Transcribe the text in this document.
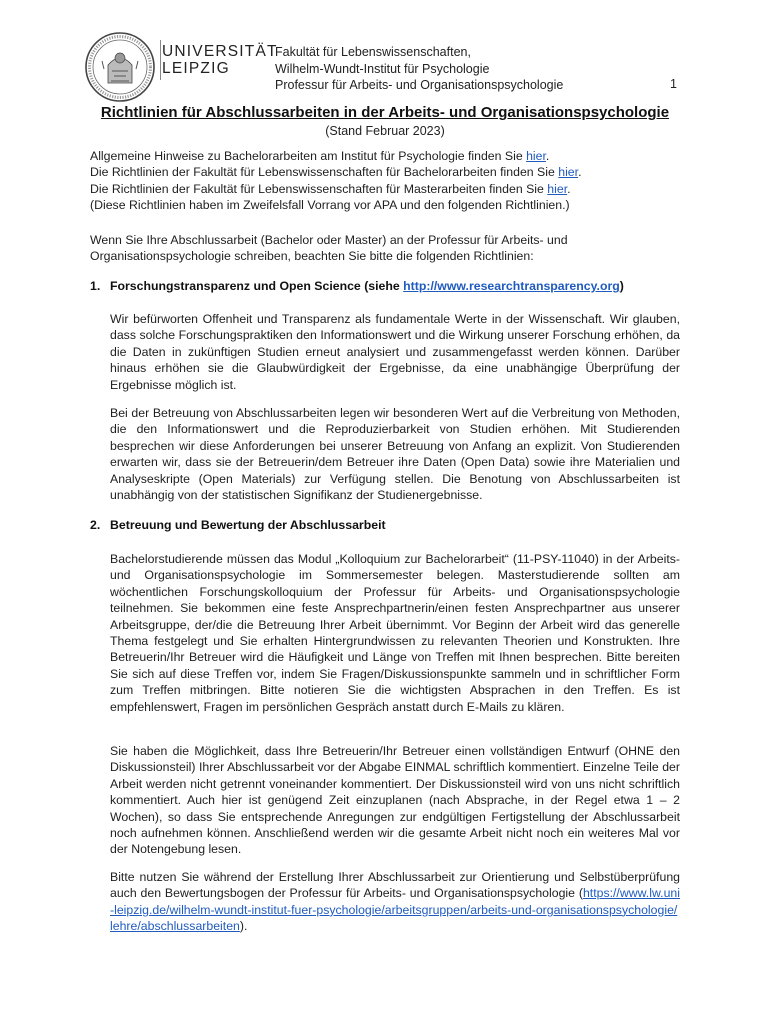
UNIVERSITÄT
LEIPZIG
Fakultät für Lebenswissenschaften,
Wilhelm-Wundt-Institut für Psychologie
Professur für Arbeits- und Organisationspsychologie	1
Richtlinien für Abschlussarbeiten in der Arbeits- und Organisationspsychologie
(Stand Februar 2023)
Allgemeine Hinweise zu Bachelorarbeiten am Institut für Psychologie finden Sie hier.
Die Richtlinien der Fakultät für Lebenswissenschaften für Bachelorarbeiten finden Sie hier.
Die Richtlinien der Fakultät für Lebenswissenschaften für Masterarbeiten finden Sie hier.
(Diese Richtlinien haben im Zweifelsfall Vorrang vor APA und den folgenden Richtlinien.)
Wenn Sie Ihre Abschlussarbeit (Bachelor oder Master) an der Professur für Arbeits- und Organisationspsychologie schreiben, beachten Sie bitte die folgenden Richtlinien:
1. Forschungstransparenz und Open Science (siehe http://www.researchtransparency.org)
Wir befürworten Offenheit und Transparenz als fundamentale Werte in der Wissenschaft. Wir glauben, dass solche Forschungspraktiken den Informationswert und die Wirkung unserer Forschung erhöhen, da die Daten in zukünftigen Studien erneut analysiert und zusammengefasst werden können. Darüber hinaus erhöhen sie die Glaubwürdigkeit der Ergebnisse, da eine unabhängige Überprüfung der Ergebnisse möglich ist.
Bei der Betreuung von Abschlussarbeiten legen wir besonderen Wert auf die Verbreitung von Methoden, die den Informationswert und die Reproduzierbarkeit von Studien erhöhen. Mit Studierenden besprechen wir diese Anforderungen bei unserer Betreuung von Anfang an explizit. Von Studierenden erwarten wir, dass sie der Betreuerin/dem Betreuer ihre Daten (Open Data) sowie ihre Materialien und Analyseskripte (Open Materials) zur Verfügung stellen. Die Benotung von Abschlussarbeiten ist unabhängig von der statistischen Signifikanz der Studienergebnisse.
2. Betreuung und Bewertung der Abschlussarbeit
Bachelorstudierende müssen das Modul „Kolloquium zur Bachelorarbeit“ (11-PSY-11040) in der Arbeits- und Organisationspsychologie im Sommersemester belegen. Masterstudierende sollten am wöchentlichen Forschungskolloquium der Professur für Arbeits- und Organisationspsychologie teilnehmen. Sie bekommen eine feste Ansprechpartnerin/einen festen Ansprechpartner aus unserer Arbeitsgruppe, der/die die Betreuung Ihrer Arbeit übernimmt. Vor Beginn der Arbeit wird das generelle Thema festgelegt und Sie erhalten Hintergrundwissen zu relevanten Theorien und Konstrukten. Ihre Betreuerin/Ihr Betreuer wird die Häufigkeit und Länge von Treffen mit Ihnen besprechen. Bitte bereiten Sie sich auf diese Treffen vor, indem Sie Fragen/Diskussionspunkte sammeln und in schriftlicher Form zum Treffen mitbringen. Bitte notieren Sie die wichtigsten Absprachen in den Treffen. Es ist empfehlenswert, Fragen im persönlichen Gespräch anstatt durch E-Mails zu klären.
Sie haben die Möglichkeit, dass Ihre Betreuerin/Ihr Betreuer einen vollständigen Entwurf (OHNE den Diskussionsteil) Ihrer Abschlussarbeit vor der Abgabe EINMAL schriftlich kommentiert. Einzelne Teile der Arbeit werden nicht getrennt voneinander kommentiert. Der Diskussionsteil wird von uns nicht schriftlich kommentiert. Auch hier ist genügend Zeit einzuplanen (nach Absprache, in der Regel etwa 1 – 2 Wochen), so dass Sie entsprechende Anregungen zur endgültigen Fertigstellung der Abschlussarbeit noch aufnehmen können. Anschließend werden wir die gesamte Arbeit nicht noch ein weiteres Mal vor der Notengebung lesen.
Bitte nutzen Sie während der Erstellung Ihrer Abschlussarbeit zur Orientierung und Selbstüberprüfung auch den Bewertungsbogen der Professur für Arbeits- und Organisationspsychologie (https://www.lw.uni-leipzig.de/wilhelm-wundt-institut-fuer-psychologie/arbeitsgruppen/arbeits-und-organisationspsychologie/lehre/abschlussarbeiten).
